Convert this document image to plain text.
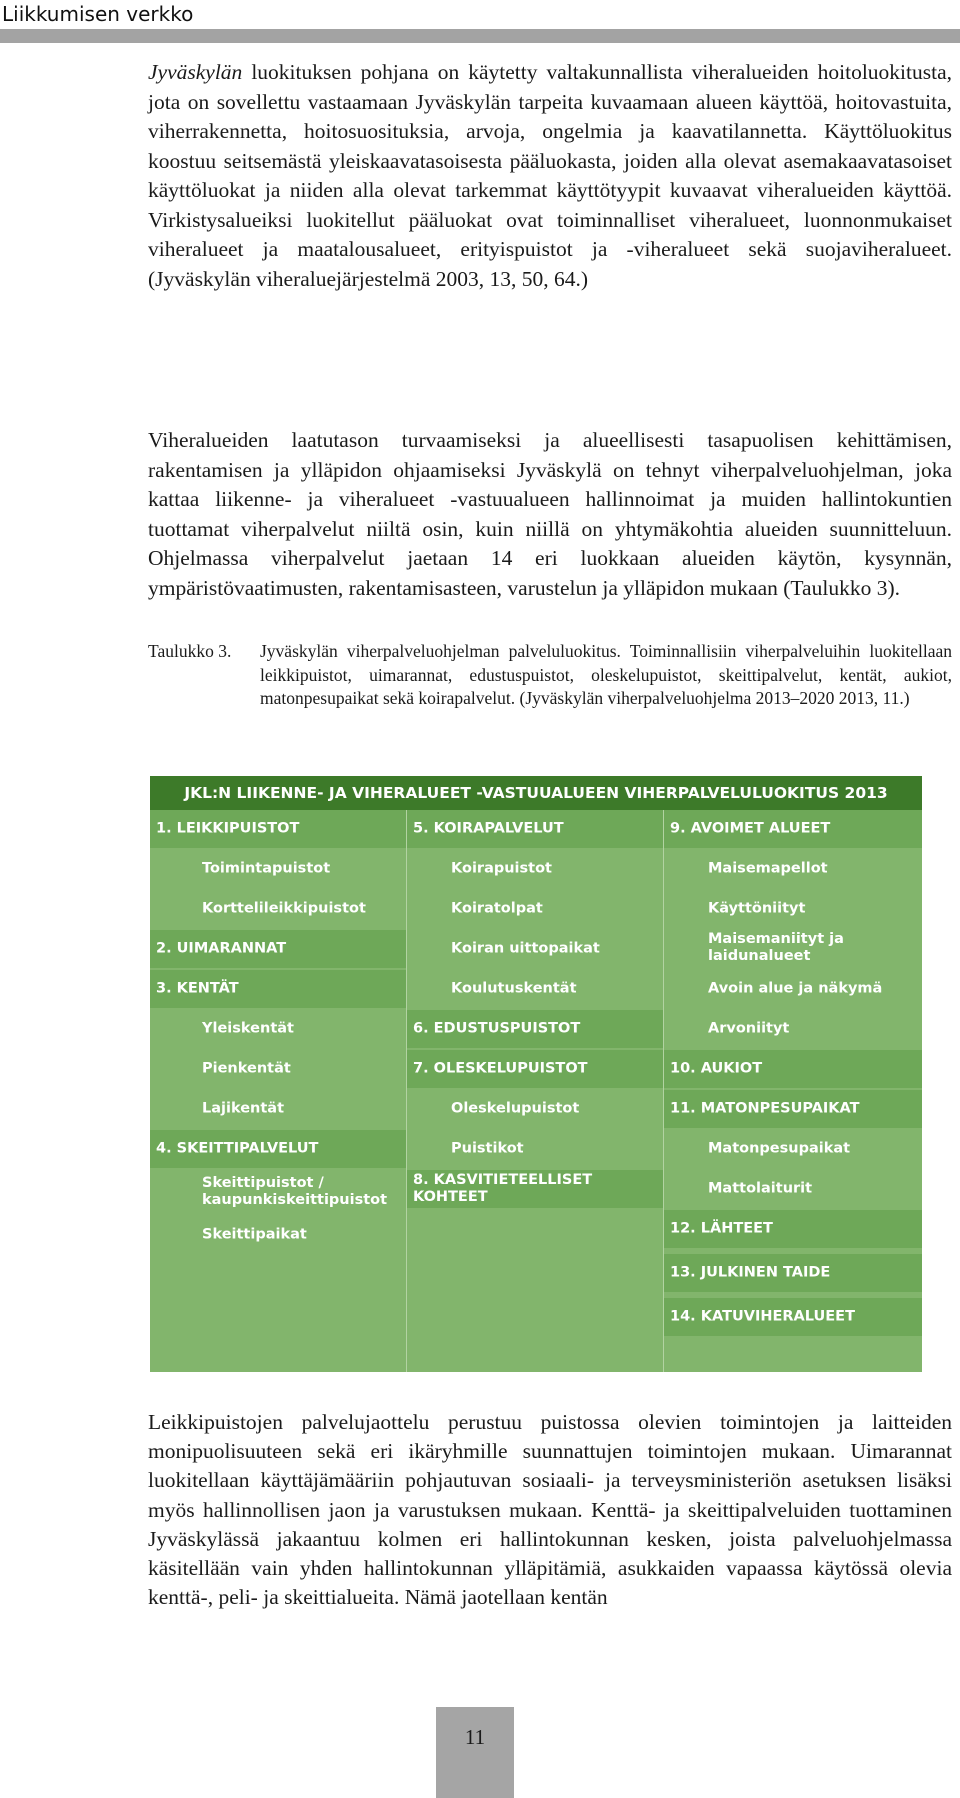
Liikkumisen verkko

Jyväskylän luokituksen pohjana on käytetty valtakunnallista viheralueiden hoitoluokitusta, jota on sovellettu vastaamaan Jyväskylän tarpeita kuvaamaan alueen käyttöä, hoitovastuita, viherrakennetta, hoitosuosituksia, arvoja, ongelmia ja kaavatilannetta. Käyttöluokitus koostuu seitsemästä yleiskaavatasoisesta pääluokasta, joiden alla olevat asemakaavatasoiset käyttöluokat ja niiden alla olevat tarkemmat käyttötyypit kuvaavat viheralueiden käyttöä. Virkistysalueiksi luokitellut pääluokat ovat toiminnalliset viheralueet, luonnonmukaiset viheralueet ja maatalousalueet, erityispuistot ja -viheralueet sekä suojaviheralueet. (Jyväskylän viheraluejärjestelmä 2003, 13, 50, 64.)

Viheralueiden laatutason turvaamiseksi ja alueellisesti tasapuolisen kehittämisen, rakentamisen ja ylläpidon ohjaamiseksi Jyväskylä on tehnyt viherpalveluohjelman, joka kattaa liikenne- ja viheralueet -vastuualueen hallinnoimat ja muiden hallintokuntien tuottamat viherpalvelut niiltä osin, kuin niillä on yhtymäkohtia alueiden suunnitteluun. Ohjelmassa viherpalvelut jaetaan 14 eri luokkaan alueiden käytön, kysynnän, ympäristövaatimusten, rakentamisasteen, varustelun ja ylläpidon mukaan (Taulukko 3).

Taulukko 3.	Jyväskylän viherpalveluohjelman palveluluokitus. Toiminnallisiin viherpalveluihin luokitellaan leikkipuistot, uimarannat, edustuspuistot, oleskelupuistot, skeittipalvelut, kentät, aukiot, matonpesupaikat sekä koirapalvelut. (Jyväskylän viherpalveluohjelma 2013–2020 2013, 11.)
JKL:N LIIKENNE- JA VIHERALUEET -VASTUUALUEEN VIHERPALVELULUOKITUS 2013
1. LEIKKIPUISTOT
Toimintapuistot
Korttelileikkipuistot
2. UIMARANNAT
3. KENTÄT
Yleiskentät
Pienkentät
Lajikentät
4. SKEITTIPALVELUT
Skeittipuistot /
kaupunkiskeittipuistot
Skeittipaikat
5. KOIRAPALVELUT
Koirapuistot
Koiratolpat
Koiran uittopaikat
Koulutuskentät
6. EDUSTUSPUISTOT
7. OLESKELUPUISTOT
Oleskelupuistot
Puistikot
8. KASVITIETEELLISET KOHTEET
9. AVOIMET ALUEET
Maisemapellot
Käyttöniityt
Maisemaniityt ja
laidunalueet
Avoin alue ja näkymä
Arvoniityt
10. AUKIOT
11. MATONPESUPAIKAT
Matonpesupaikat
Mattolaiturit
12. LÄHTEET
13. JULKINEN TAIDE
14. KATUVIHERALUEET

Leikkipuistojen palvelujaottelu perustuu puistossa olevien toimintojen ja laitteiden monipuolisuuteen sekä eri ikäryhmille suunnattujen toimintojen mukaan. Uimarannat luokitellaan käyttäjämääriin pohjautuvan sosiaali- ja terveysministeriön asetuksen lisäksi myös hallinnollisen jaon ja varustuksen mukaan. Kenttä- ja skeittipalveluiden tuottaminen Jyväskylässä jakaantuu kolmen eri hallintokunnan kesken, joista palveluohjelmassa käsitellään vain yhden hallintokunnan ylläpitämiä, asukkaiden vapaassa käytössä olevia kenttä-, peli- ja skeittialueita. Nämä jaotellaan kentän

11
